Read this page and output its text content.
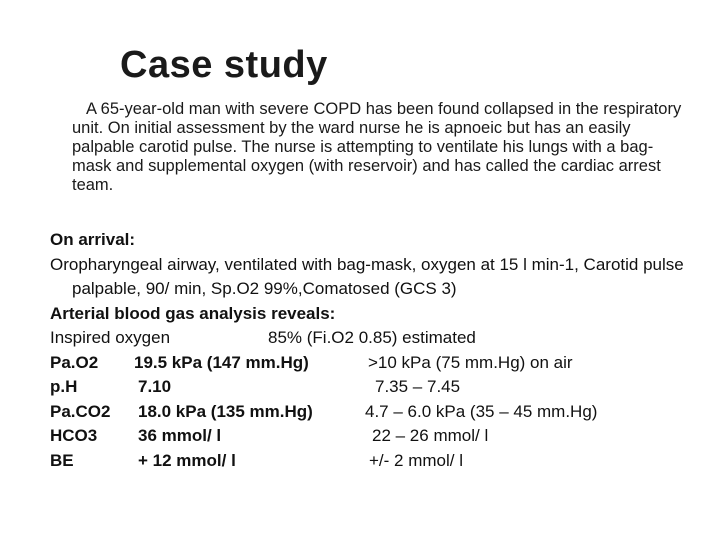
Case study
A 65-year-old man with severe COPD has been found collapsed in the respiratory unit. On initial assessment by the ward nurse he is apnoeic but has an easily palpable carotid pulse. The nurse is attempting to ventilate his lungs with a bag-mask and supplemental oxygen (with reservoir) and has called the cardiac arrest team.
On arrival:
Oropharyngeal airway, ventilated with bag-mask, oxygen at 15 l min-1, Carotid pulse palpable, 90/ min, Sp.O2 99%,Comatosed (GCS 3)
Arterial blood gas analysis reveals:
Inspired oxygen	85% (Fi.O2 0.85) estimated
Pa.O2 19.5 kPa (147 mm.Hg)	>10 kPa (75 mm.Hg) on air
p.H	7.10	7.35 – 7.45
Pa.CO2 18.0 kPa (135 mm.Hg)	4.7 – 6.0 kPa (35 – 45 mm.Hg)
HCO3 36 mmol/ l	22 – 26 mmol/ l
BE	+ 12 mmol/ l	+/- 2 mmol/ l
